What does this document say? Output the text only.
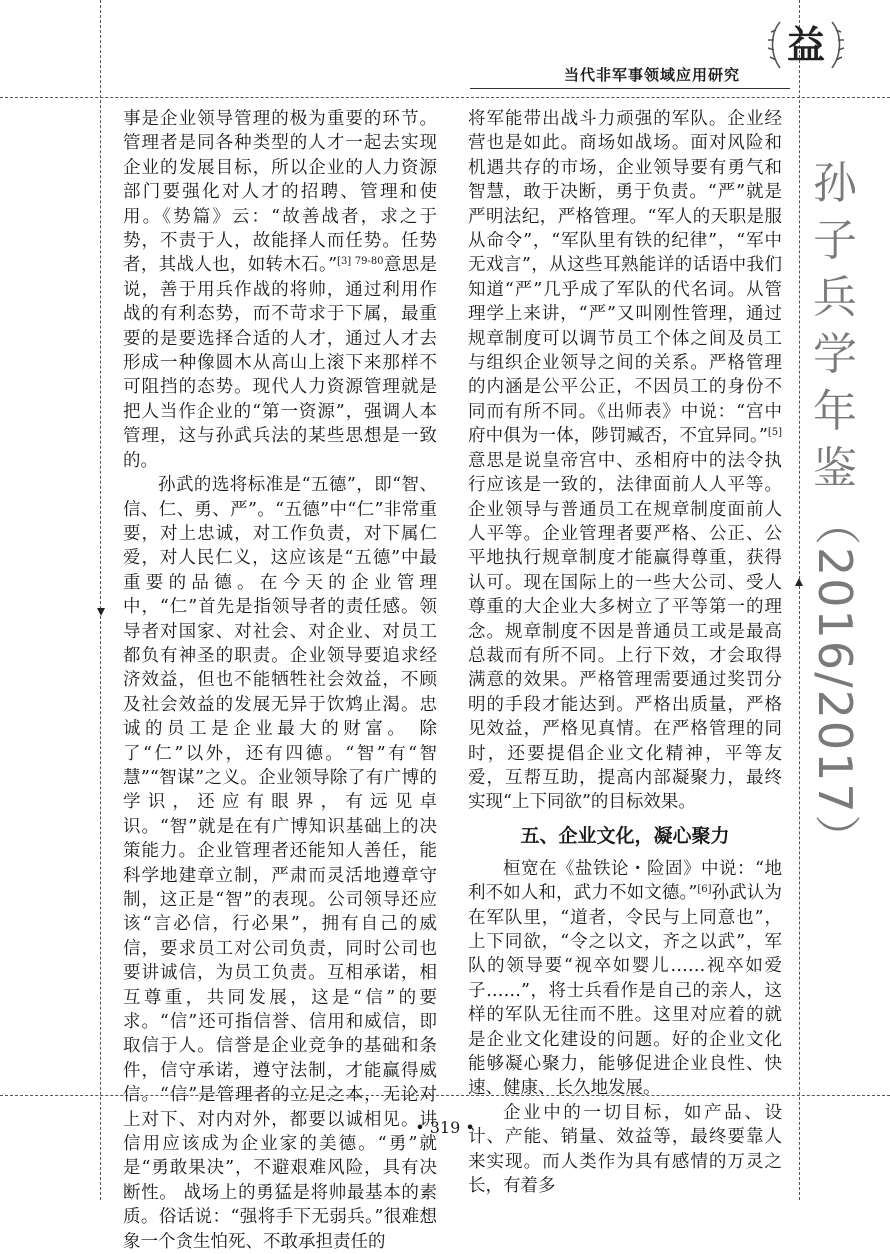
当代非军事领域应用研究
益
孙
子
兵
学
年
鉴
（2016/2017）

事是企业领导管理的极为重要的环节。管理者是同各种类型的人才一起去实现企业的发展目标，所以企业的人力资源部门要强化对人才的招聘、管理和使用。《势篇》云：“故善战者，求之于势，不责于人，故能择人而任势。任势者，其战人也，如转木石。”$^{[3] 79-80}$意思是说，善于用兵作战的将帅，通过利用作战的有利态势，而不苛求于下属，最重要的是要选择合适的人才，通过人才去形成一种像圆木从高山上滚下来那样不可阻挡的态势。现代人力资源管理就是把人当作企业的“第一资源”，强调人本管理，这与孙武兵法的某些思想是一致的。

孙武的选将标准是“五德”，即“智、信、仁、勇、严”。“五德”中“仁”非常重要，对上忠诚，对工作负责，对下属仁爱，对人民仁义，这应该是“五德”中最重要的品德。在今天的企业管理中，“仁”首先是指领导者的责任感。领导者对国家、对社会、对企业、对员工都负有神圣的职责。企业领导要追求经济效益，但也不能牺牲社会效益，不顾及社会效益的发展无异于饮鸩止渴。忠诚的员工是企业最大的财富。 除了“仁”以外，还有四德。“智”有“智慧”“智谋”之义。企业领导除了有广博的学识，还应有眼界，有远见卓识。“智”就是在有广博知识基础上的决策能力。企业管理者还能知人善任，能科学地建章立制，严肃而灵活地遵章守制，这正是“智”的表现。公司领导还应该“言必信，行必果”，拥有自己的威信，要求员工对公司负责，同时公司也要讲诚信，为员工负责。互相承诺，相互尊重，共同发展，这是“信”的要求。“信”还可指信誉、信用和威信，即取信于人。信誉是企业竞争的基础和条件，信守承诺，遵守法制，才能赢得威信。“信”是管理者的立足之本，无论对上对下、对内对外，都要以诚相见。讲信用应该成为企业家的美德。“勇”就是“勇敢果决”，不避艰难风险，具有决断性。 战场上的勇猛是将帅最基本的素质。俗话说：“强将手下无弱兵。”很难想象一个贪生怕死、不敢承担责任的

将军能带出战斗力顽强的军队。企业经营也是如此。商场如战场。面对风险和机遇共存的市场，企业领导要有勇气和智慧，敢于决断，勇于负责。“严”就是严明法纪，严格管理。“军人的天职是服从命令”，“军队里有铁的纪律”，“军中无戏言”，从这些耳熟能详的话语中我们知道“严”几乎成了军队的代名词。从管理学上来讲，“严”又叫刚性管理，通过规章制度可以调节员工个体之间及员工与组织企业领导之间的关系。严格管理的内涵是公平公正，不因员工的身份不同而有所不同。《出师表》中说：“宫中府中俱为一体，陟罚臧否，不宜异同。”[5]意思是说皇帝宫中、丞相府中的法令执行应该是一致的，法律面前人人平等。企业领导与普通员工在规章制度面前人人平等。企业管理者要严格、公正、公平地执行规章制度才能赢得尊重，获得认可。现在国际上的一些大公司、受人尊重的大企业大多树立了平等第一的理念。规章制度不因是普通员工或是最高总裁而有所不同。上行下效，才会取得满意的效果。严格管理需要通过奖罚分明的手段才能达到。严格出质量，严格见效益，严格见真情。在严格管理的同时，还要提倡企业文化精神，平等友爱，互帮互助，提高内部凝聚力，最终实现“上下同欲”的目标效果。

五、企业文化，凝心聚力

桓宽在《盐铁论・险固》中说：“地利不如人和，武力不如文德。”[6]孙武认为在军队里，“道者，令民与上同意也”，上下同欲，“令之以文，齐之以武”，军队的领导要“视卒如婴儿……视卒如爱子……”，将士兵看作是自己的亲人，这样的军队无往而不胜。这里对应着的就是企业文化建设的问题。好的企业文化能够凝心聚力，能够促进企业良性、快速、健康、长久地发展。

企业中的一切目标，如产品、设计、产能、销量、效益等，最终要靠人来实现。而人类作为具有感情的万灵之长，有着多

• 319 •
